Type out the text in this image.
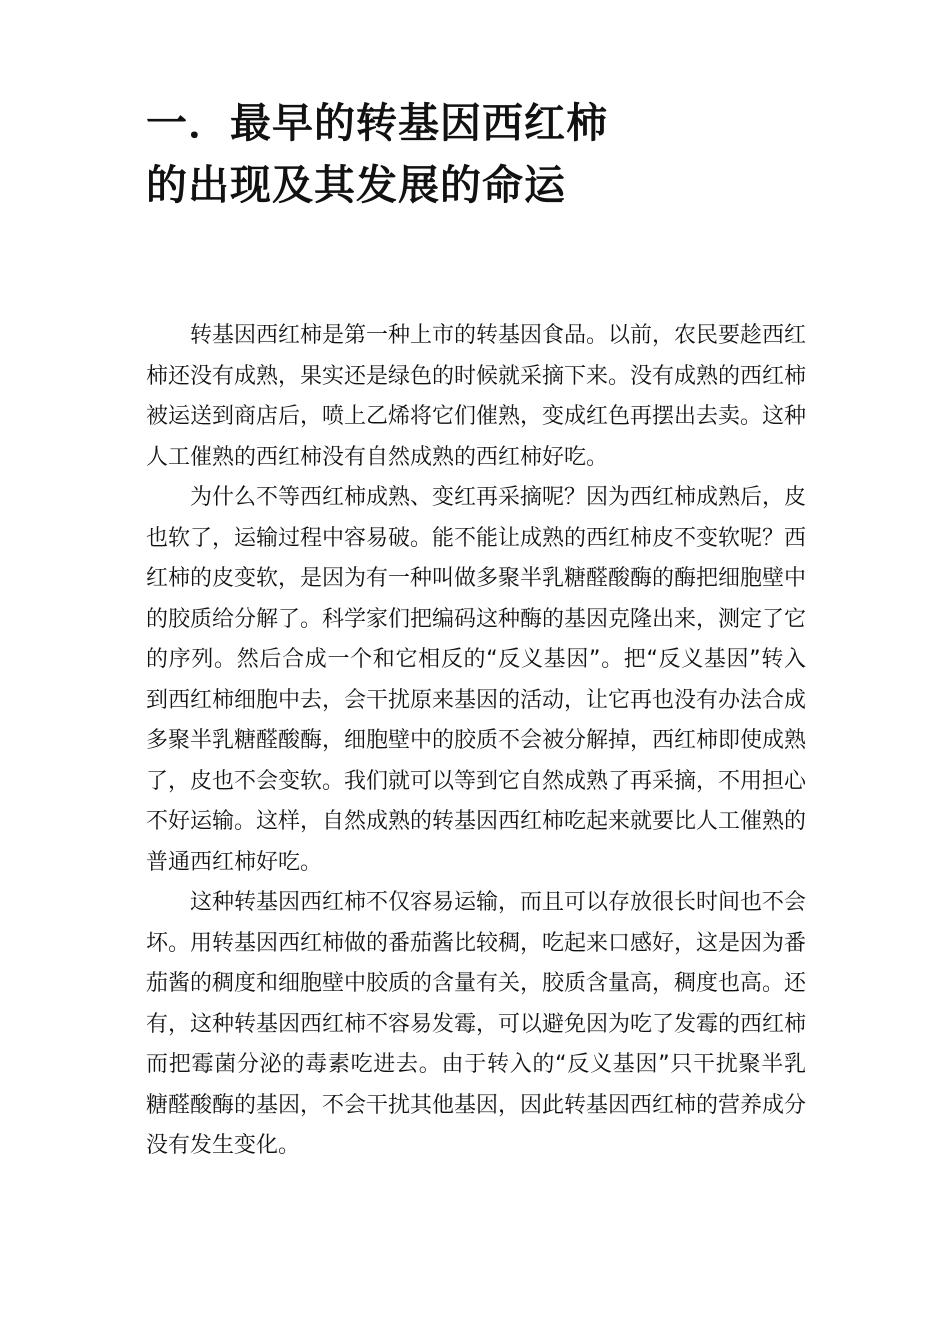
一．最早的转基因西红柿
的出现及其发展的命运

转基因西红柿是第一种上市的转基因食品。以前，农民要趁西红柿还没有成熟，果实还是绿色的时候就采摘下来。没有成熟的西红柿被运送到商店后，喷上乙烯将它们催熟，变成红色再摆出去卖。这种人工催熟的西红柿没有自然成熟的西红柿好吃。

为什么不等西红柿成熟、变红再采摘呢？因为西红柿成熟后，皮也软了，运输过程中容易破。能不能让成熟的西红柿皮不变软呢？西红柿的皮变软，是因为有一种叫做多聚半乳糖醛酸酶的酶把细胞壁中的胶质给分解了。科学家们把编码这种酶的基因克隆出来，测定了它的序列。然后合成一个和它相反的“反义基因”。把“反义基因”转入到西红柿细胞中去，会干扰原来基因的活动，让它再也没有办法合成多聚半乳糖醛酸酶，细胞壁中的胶质不会被分解掉，西红柿即使成熟了，皮也不会变软。我们就可以等到它自然成熟了再采摘，不用担心不好运输。这样，自然成熟的转基因西红柿吃起来就要比人工催熟的普通西红柿好吃。

这种转基因西红柿不仅容易运输，而且可以存放很长时间也不会坏。用转基因西红柿做的番茄酱比较稠，吃起来口感好，这是因为番茄酱的稠度和细胞壁中胶质的含量有关，胶质含量高，稠度也高。还有，这种转基因西红柿不容易发霉，可以避免因为吃了发霉的西红柿而把霉菌分泌的毒素吃进去。由于转入的“反义基因”只干扰聚半乳糖醛酸酶的基因，不会干扰其他基因，因此转基因西红柿的营养成分没有发生变化。
